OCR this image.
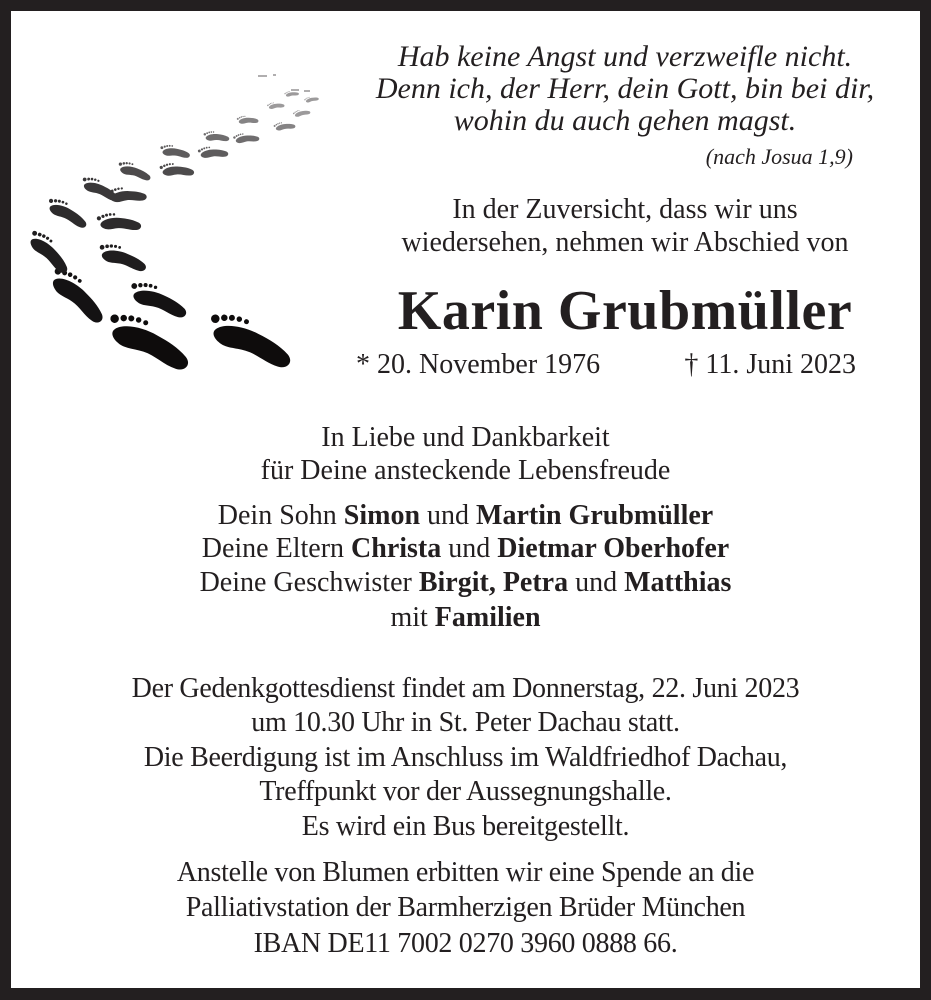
Hab keine Angst und verzweifle nicht.
Denn ich, der Herr, dein Gott, bin bei dir,
wohin du auch gehen magst.
(nach Josua 1,9)
In der Zuversicht, dass wir uns
wiedersehen, nehmen wir Abschied von
Karin Grubmüller
* 20. November 1976	† 11. Juni 2023
In Liebe und Dankbarkeit
für Deine ansteckende Lebensfreude
Dein Sohn Simon und Martin Grubmüller
Deine Eltern Christa und Dietmar Oberhofer
Deine Geschwister Birgit, Petra und Matthias
mit Familien
Der Gedenkgottesdienst findet am Donnerstag, 22. Juni 2023
um 10.30 Uhr in St. Peter Dachau statt.
Die Beerdigung ist im Anschluss im Waldfriedhof Dachau,
Treffpunkt vor der Aussegnungshalle.
Es wird ein Bus bereitgestellt.
Anstelle von Blumen erbitten wir eine Spende an die
Palliativstation der Barmherzigen Brüder München
IBAN DE11 7002 0270 3960 0888 66.
